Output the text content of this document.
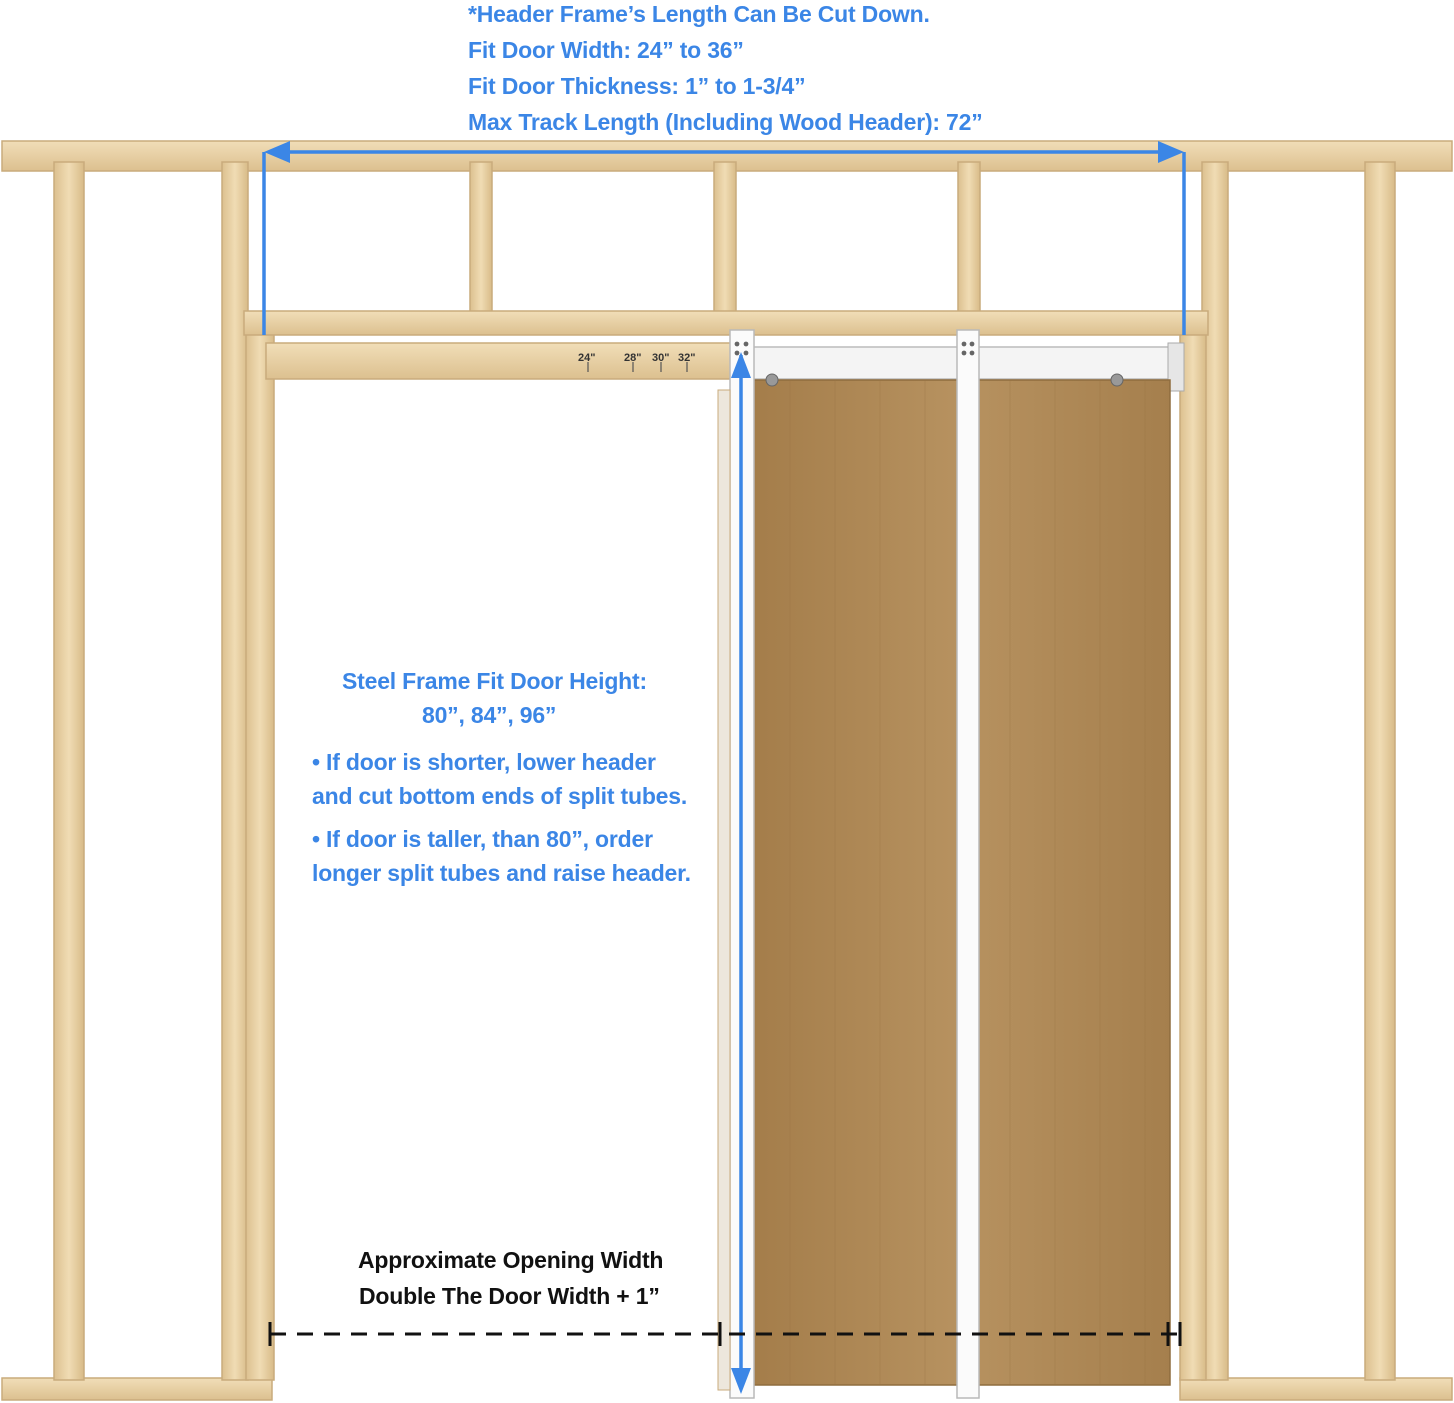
*Header Frame’s Length Can Be Cut Down.
Fit Door Width: 24” to 36”
Fit Door Thickness: 1” to 1-3/4”
Max Track Length (Including Wood Header): 72”
24"	28" 30" 32"
Steel Frame Fit Door Height:
80”, 84”, 96”
• If door is shorter, lower header
and cut bottom ends of split tubes.
• If door is taller, than 80”, order
longer split tubes and raise header.
Approximate Opening Width
Double The Door Width + 1”
